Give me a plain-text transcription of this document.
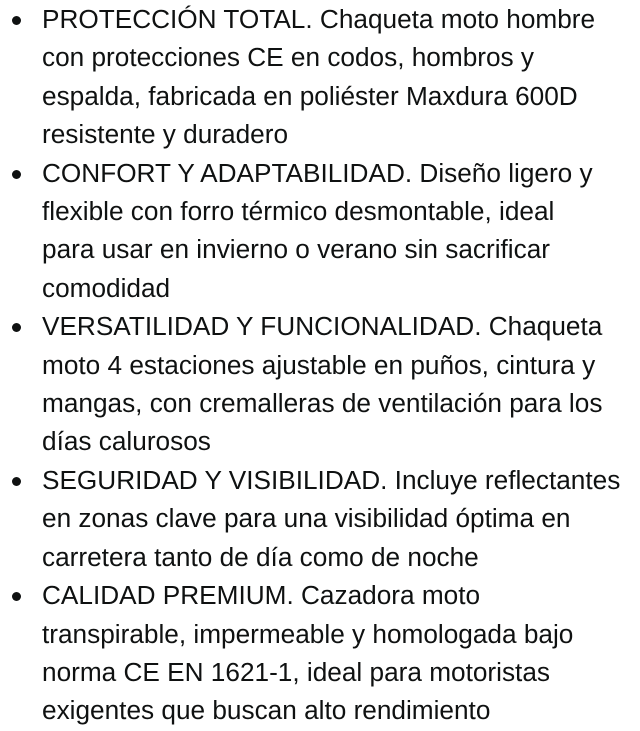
PROTECCIÓN TOTAL. Chaqueta moto hombre
con protecciones CE en codos, hombros y
espalda, fabricada en poliéster Maxdura 600D
resistente y duradero
CONFORT Y ADAPTABILIDAD. Diseño ligero y
flexible con forro térmico desmontable, ideal
para usar en invierno o verano sin sacrificar
comodidad
VERSATILIDAD Y FUNCIONALIDAD. Chaqueta
moto 4 estaciones ajustable en puños, cintura y
mangas, con cremalleras de ventilación para los
días calurosos
SEGURIDAD Y VISIBILIDAD. Incluye reflectantes
en zonas clave para una visibilidad óptima en
carretera tanto de día como de noche
CALIDAD PREMIUM. Cazadora moto
transpirable, impermeable y homologada bajo
norma CE EN 1621-1, ideal para motoristas
exigentes que buscan alto rendimiento
